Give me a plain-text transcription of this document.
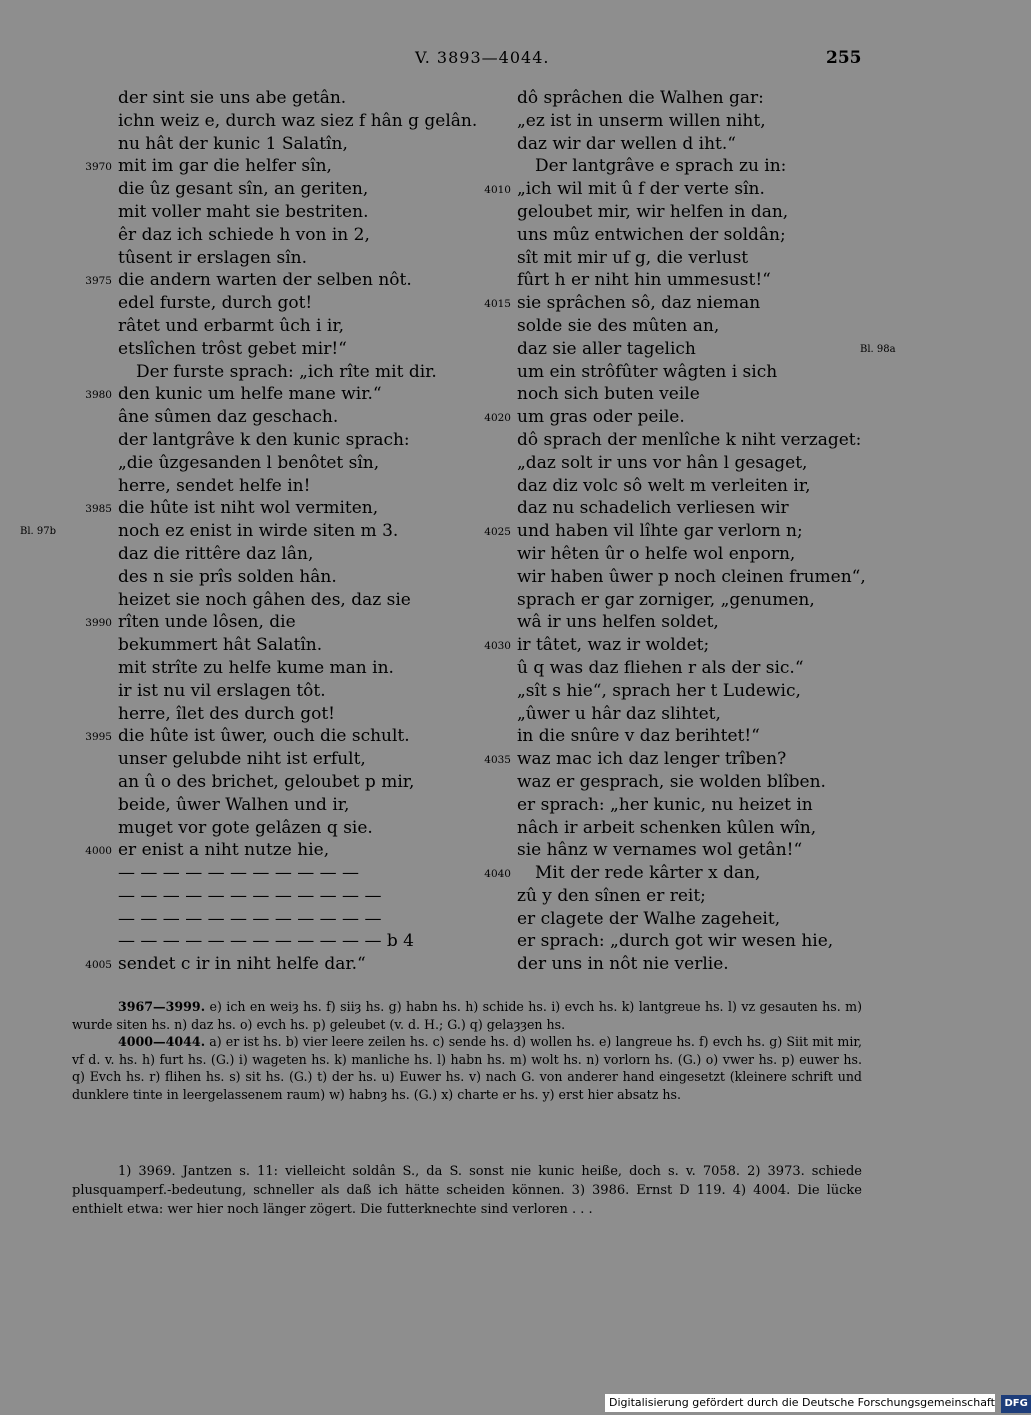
V. 3893—4044.	255
der sint sie uns abe getân.
ichn weiz e, durch waz siez f hân g gelân.
nu hât der kunic 1 Salatîn,
3970 mit im gar die helfer sîn,
die ûz gesant sîn, an geriten,
mit voller maht sie bestriten.
êr daz ich schiede h von in 2,
tûsent ir erslagen sîn.
3975 die andern warten der selben nôt.
edel furste, durch got!
râtet und erbarmt ûch i ir,
etslîchen trôst gebet mir!“
Der furste sprach: „ich rîte mit dir.
3980 den kunic um helfe mane wir.“
âne sûmen daz geschach.
der lantgrâve k den kunic sprach:
„die ûzgesanden l benôtet sîn,
herre, sendet helfe in!
3985 die hûte ist niht wol vermiten,
Bl. 97b	noch ez enist in wirde siten m 3.
daz die rittêre daz lân,
des n sie prîs solden hân.
heizet sie noch gâhen des, daz sie
3990 rîten unde lôsen, die
bekummert hât Salatîn.
mit strîte zu helfe kume man in.
ir ist nu vil erslagen tôt.
herre, îlet des durch got!
3995 die hûte ist ûwer, ouch die schult.
unser gelubde niht ist erfult,
an û o des brichet, geloubet p mir,
beide, ûwer Walhen und ir,
muget vor gote gelâzen q sie.
4000 er enist a niht nutze hie,
— — — — — — — — — — —
— — — — — — — — — — — —
— — — — — — — — — — — —
— — — — — — — — — — — — b 4
4005 sendet c ir in niht helfe dar.“
dô sprâchen die Walhen gar:
„ez ist in unserm willen niht,
daz wir dar wellen d iht.“
Der lantgrâve e sprach zu in:
4010 „ich wil mit û f der verte sîn.
geloubet mir, wir helfen in dan,
uns mûz entwichen der soldân;
sît mit mir uf g, die verlust
fûrt h er niht hin ummesust!“
4015 sie sprâchen sô, daz nieman
solde sie des mûten an,
Bl. 98a
daz sie aller tagelich
um ein strôfûter wâgten i sich
noch sich buten veile
4020 um gras oder peile.
dô sprach der menlîche k niht verzaget:
„daz solt ir uns vor hân l gesaget,
daz diz volc sô welt m verleiten ir,
daz nu schadelich verliesen wir
4025 und haben vil lîhte gar verlorn n;
wir hêten ûr o helfe wol enporn,
wir haben ûwer p noch cleinen frumen“,
sprach er gar zorniger, „genumen,
wâ ir uns helfen soldet,
4030 ir tâtet, waz ir woldet;
û q was daz fliehen r als der sic.“
„sît s hie“, sprach her t Ludewic,
„ûwer u hâr daz slihtet,
in die snûre v daz berihtet!“
4035 waz mac ich daz lenger trîben?
waz er gesprach, sie wolden blîben.
er sprach: „her kunic, nu heizet in
nâch ir arbeit schenken kûlen wîn,
sie hânz w vernames wol getân!“
4040 Mit der rede kârter x dan,
zû y den sînen er reit;
er clagete der Walhe zageheit,
er sprach: „durch got wir wesen hie,
der uns in nôt nie verlie.

3967—3999. e) ich en weiȝ hs. f) siiȝ hs. g) habn hs. h) schide hs. i) evch hs. k) lantgreue hs. l) vz gesauten hs. m) wurde siten hs. n) daz hs. o) evch hs. p) geleubet (v. d. H.; G.) q) gelaȝȝen hs.

4000—4044. a) er ist hs. b) vier leere zeilen hs. c) sende hs. d) wollen hs. e) langreue hs. f) evch hs. g) Siit mit mir, vf d. v. hs. h) furt hs. (G.) i) wageten hs. k) manliche hs. l) habn hs. m) wolt hs. n) vorlorn hs. (G.) o) vwer hs. p) euwer hs. q) Evch hs. r) flihen hs. s) sit hs. (G.) t) der hs. u) Euwer hs. v) nach G. von anderer hand eingesetzt (kleinere schrift und dunklere tinte in leergelassenem raum) w) habnȝ hs. (G.) x) charte er hs. y) erst hier absatz hs.

1) 3969. Jantzen s. 11: vielleicht soldân S., da S. sonst nie kunic heiße, doch s. v. 7058. 2) 3973. schiede plusquamperf.-bedeutung, schneller als daß ich hätte scheiden können. 3) 3986. Ernst D 119. 4) 4004. Die lücke enthielt etwa: wer hier noch länger zögert. Die futterknechte sind verloren . . .

Digitalisierung gefördert durch die Deutsche Forschungsgemeinschaft DFG
